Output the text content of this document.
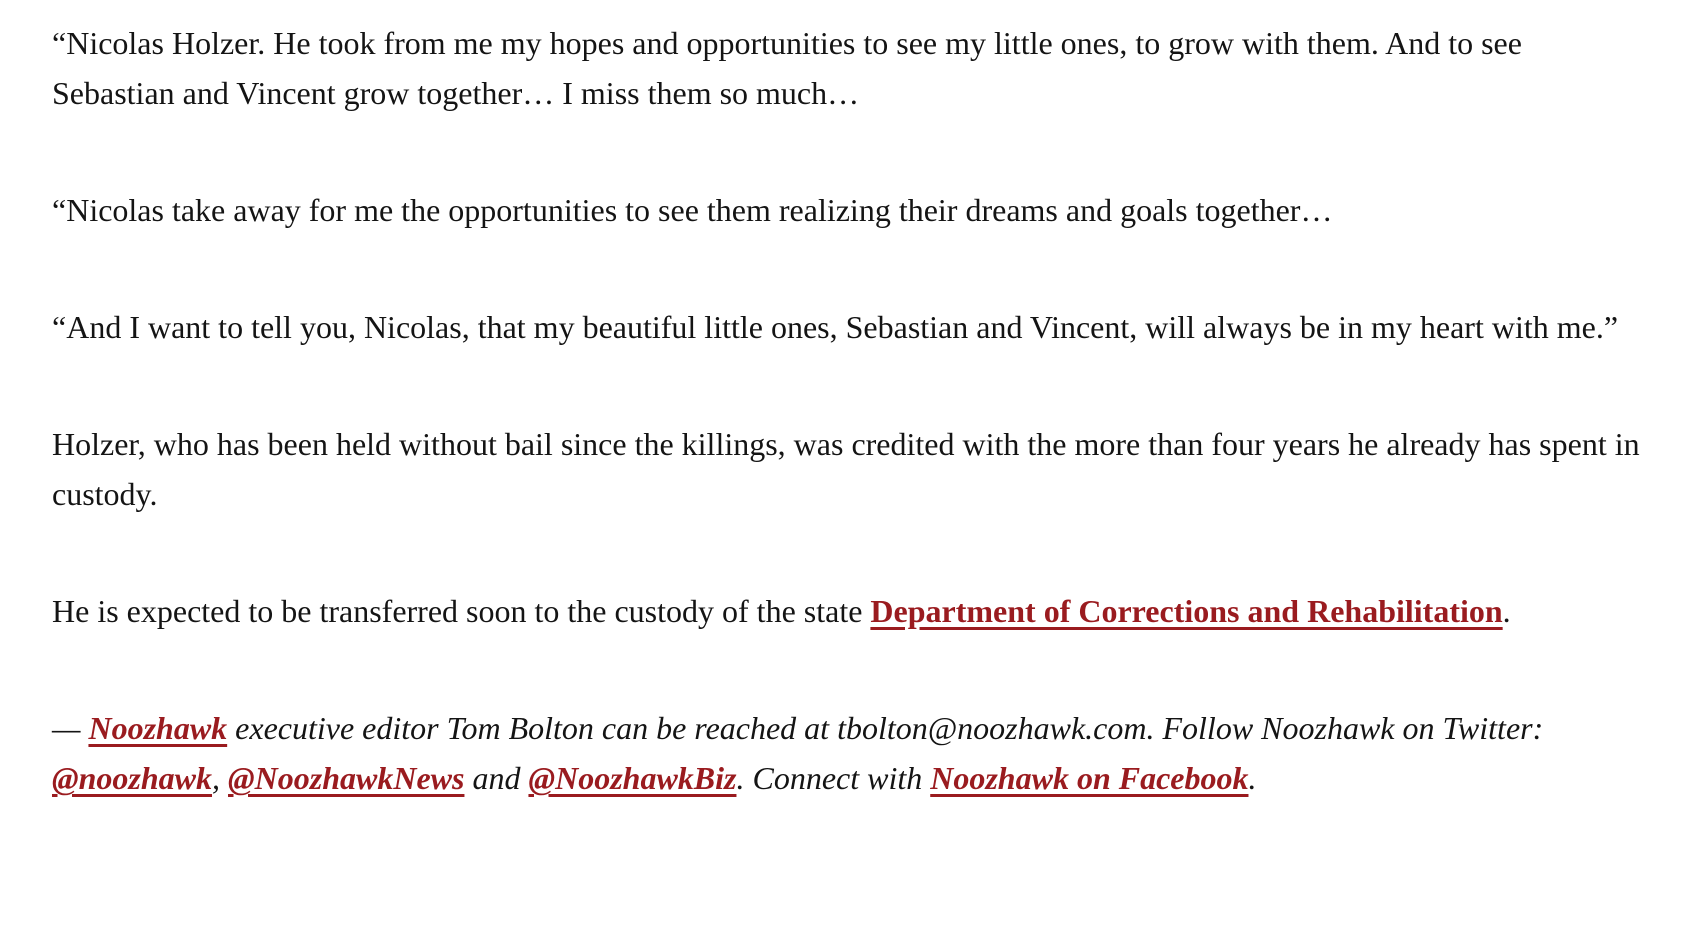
“Nicolas Holzer. He took from me my hopes and opportunities to see my little ones, to grow with them. And to see Sebastian and Vincent grow together… I miss them so much…

“Nicolas take away for me the opportunities to see them realizing their dreams and goals together…

“And I want to tell you, Nicolas, that my beautiful little ones, Sebastian and Vincent, will always be in my heart with me.”

Holzer, who has been held without bail since the killings, was credited with the more than four years he already has spent in custody.

He is expected to be transferred soon to the custody of the state Department of Corrections and Rehabilitation.

— Noozhawk executive editor Tom Bolton can be reached at tbolton@noozhawk.com. Follow Noozhawk on Twitter: @noozhawk, @NoozhawkNews and @NoozhawkBiz. Connect with Noozhawk on Facebook.
